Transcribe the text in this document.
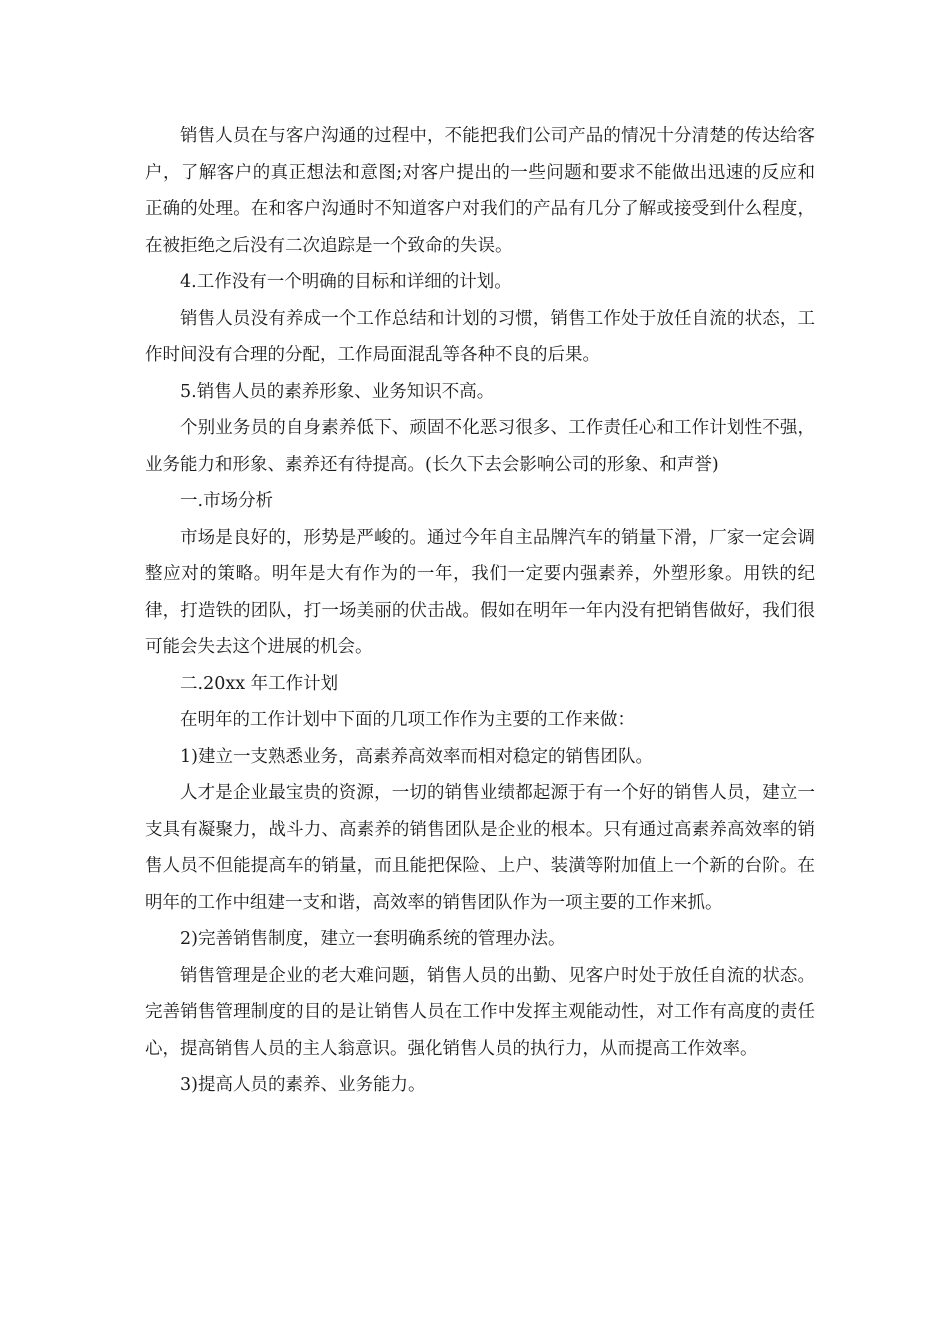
销售人员在与客户沟通的过程中，不能把我们公司产品的情况十分清楚的传达给客户，了解客户的真正想法和意图;对客户提出的一些问题和要求不能做出迅速的反应和正确的处理。在和客户沟通时不知道客户对我们的产品有几分了解或接受到什么程度，在被拒绝之后没有二次追踪是一个致命的失误。

4.工作没有一个明确的目标和详细的计划。

销售人员没有养成一个工作总结和计划的习惯，销售工作处于放任自流的状态，工作时间没有合理的分配，工作局面混乱等各种不良的后果。

5.销售人员的素养形象、业务知识不高。

个别业务员的自身素养低下、顽固不化恶习很多、工作责任心和工作计划性不强，业务能力和形象、素养还有待提高。(长久下去会影响公司的形象、和声誉)

一.市场分析

市场是良好的，形势是严峻的。通过今年自主品牌汽车的销量下滑，厂家一定会调整应对的策略。明年是大有作为的一年，我们一定要内强素养，外塑形象。用铁的纪律，打造铁的团队，打一场美丽的伏击战。假如在明年一年内没有把销售做好，我们很可能会失去这个进展的机会。

二.20xx 年工作计划

在明年的工作计划中下面的几项工作作为主要的工作来做：

1)建立一支熟悉业务，高素养高效率而相对稳定的销售团队。

人才是企业最宝贵的资源，一切的销售业绩都起源于有一个好的销售人员，建立一支具有凝聚力，战斗力、高素养的销售团队是企业的根本。只有通过高素养高效率的销售人员不但能提高车的销量，而且能把保险、上户、装潢等附加值上一个新的台阶。在明年的工作中组建一支和谐，高效率的销售团队作为一项主要的工作来抓。

2)完善销售制度，建立一套明确系统的管理办法。

销售管理是企业的老大难问题，销售人员的出勤、见客户时处于放任自流的状态。完善销售管理制度的目的是让销售人员在工作中发挥主观能动性，对工作有高度的责任心，提高销售人员的主人翁意识。强化销售人员的执行力，从而提高工作效率。

3)提高人员的素养、业务能力。
